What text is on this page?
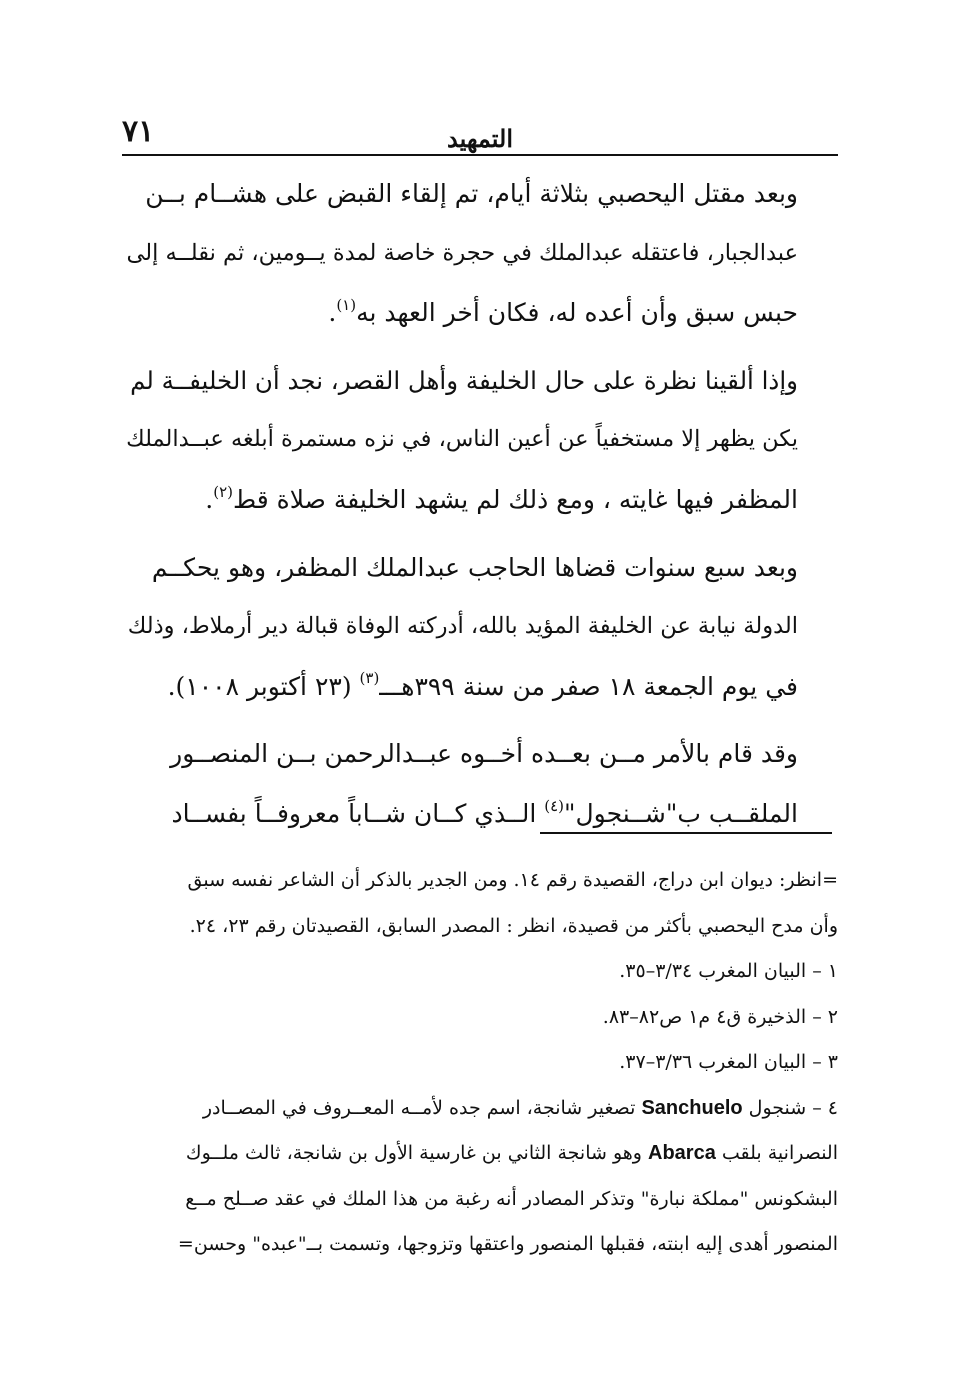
٧١	التمهيد

وبعد مقتل اليحصبي بثلاثة أيام، تم إلقاء القبض على هشــام بــن
عبدالجبار، فاعتقله عبدالملك في حجرة خاصة لمدة يــومين، ثم نقلــه إلى
حبس سبق وأن أعده له، فكان أخر العهد به$^{(١)}$.

وإذا ألقينا نظرة على حال الخليفة وأهل القصر، نجد أن الخليفــة لم
يكن يظهر إلا مستخفياً عن أعين الناس، في نزه مستمرة أبلغه عبــدالملك
المظفر فيها غايته ، ومع ذلك لم يشهد الخليفة صلاة قط$^{(٢)}$.

وبعد سبع سنوات قضاها الحاجب عبدالملك المظفر، وهو يحكــم
الدولة نيابة عن الخليفة المؤيد بالله، أدركته الوفاة قبالة دير أرملاط، وذلك
في يوم الجمعة ١٨ صفر من سنة ٣٩٩هـــ$^{(٣)}$ (٢٣ أكتوبر ١٠٠٨).

وقد قام بالأمر مــن بعــده أخــوه عبــدالرحمن بــن المنصــور
الملقــب ب"شــنجول"$^{(٤)}$ الــذي كــان شــاباً معروفــاً بفســاد

=انظر: ديوان ابن دراج، القصيدة رقم ١٤. ومن الجدير بالذكر أن الشاعر نفسه سبق
وأن مدح اليحصبي بأكثر من قصيدة، انظر : المصدر السابق، القصيدتان رقم ٢٣، ٢٤.
١ – البيان المغرب ٣/٣٤–٣٥.
٢ – الذخيرة ق٤ م١ ص٨٢–٨٣.
٣ – البيان المغرب ٣/٣٦–٣٧.
٤ – شنجول Sanchuelo تصغير شانجة، اسم جده لأمــه المعــروف في المصــادر
النصرانية بلقب Abarca وهو شانجة الثاني بن غارسية الأول بن شانجة، ثالث ملــوك
البشكونس "مملكة نبارة" وتذكر المصادر أنه رغبة من هذا الملك في عقد صــلح مــع
المنصور أهدى إليه ابنته، فقبلها المنصور واعتقها وتزوجها، وتسمت بــ"عبده" وحسن=
